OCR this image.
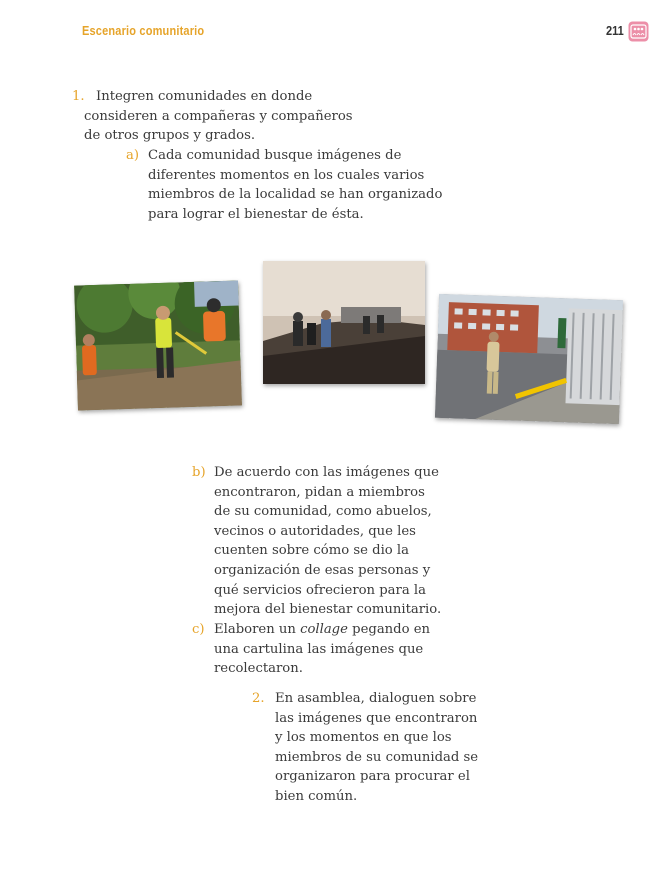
Escenario comunitario	211
1. Integren comunidades en donde
consideren a compañeras y compañeros
de otros grupos y grados.
a) Cada comunidad busque imágenes de
diferentes momentos en los cuales varios
miembros de la localidad se han organizado
para lograr el bienestar de ésta.
b) De acuerdo con las imágenes que
encontraron, pidan a miembros
de su comunidad, como abuelos,
vecinos o autoridades, que les
cuenten sobre cómo se dio la
organización de esas personas y
qué servicios ofrecieron para la
mejora del bienestar comunitario.
c) Elaboren un collage pegando en
una cartulina las imágenes que
recolectaron.
2. En asamblea, dialoguen sobre
las imágenes que encontraron
y los momentos en que los
miembros de su comunidad se
organizaron para procurar el
bien común.
